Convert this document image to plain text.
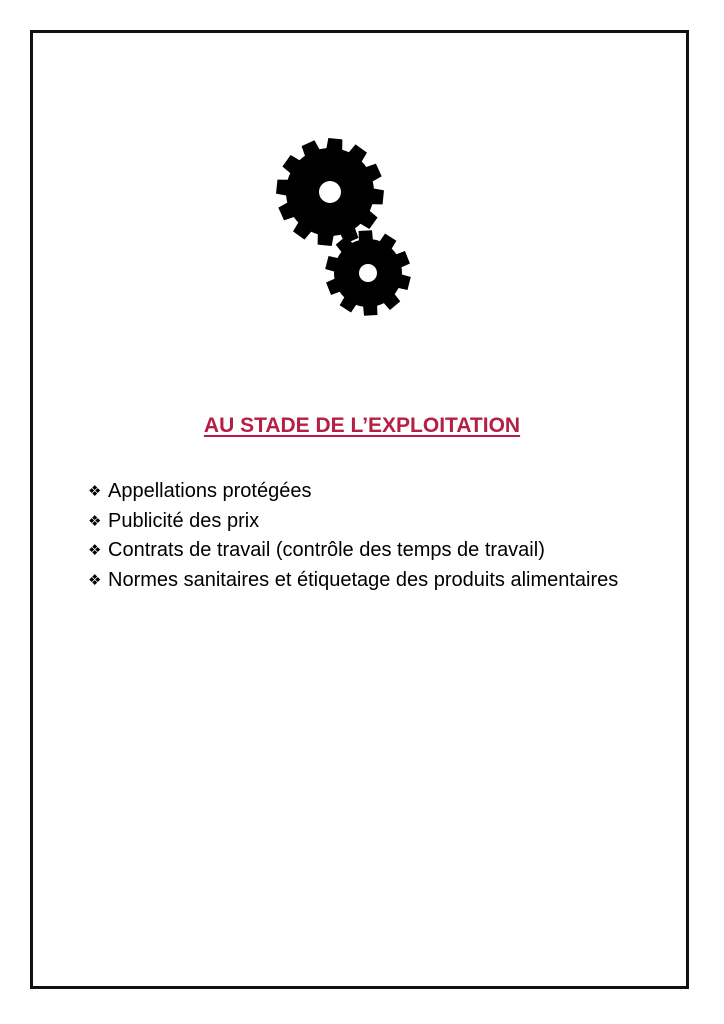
AU STADE DE L’EXPLOITATION
❖ Appellations protégées
❖ Publicité des prix
❖ Contrats de travail (contrôle des temps de travail)
❖ Normes sanitaires et étiquetage des produits alimentaires
